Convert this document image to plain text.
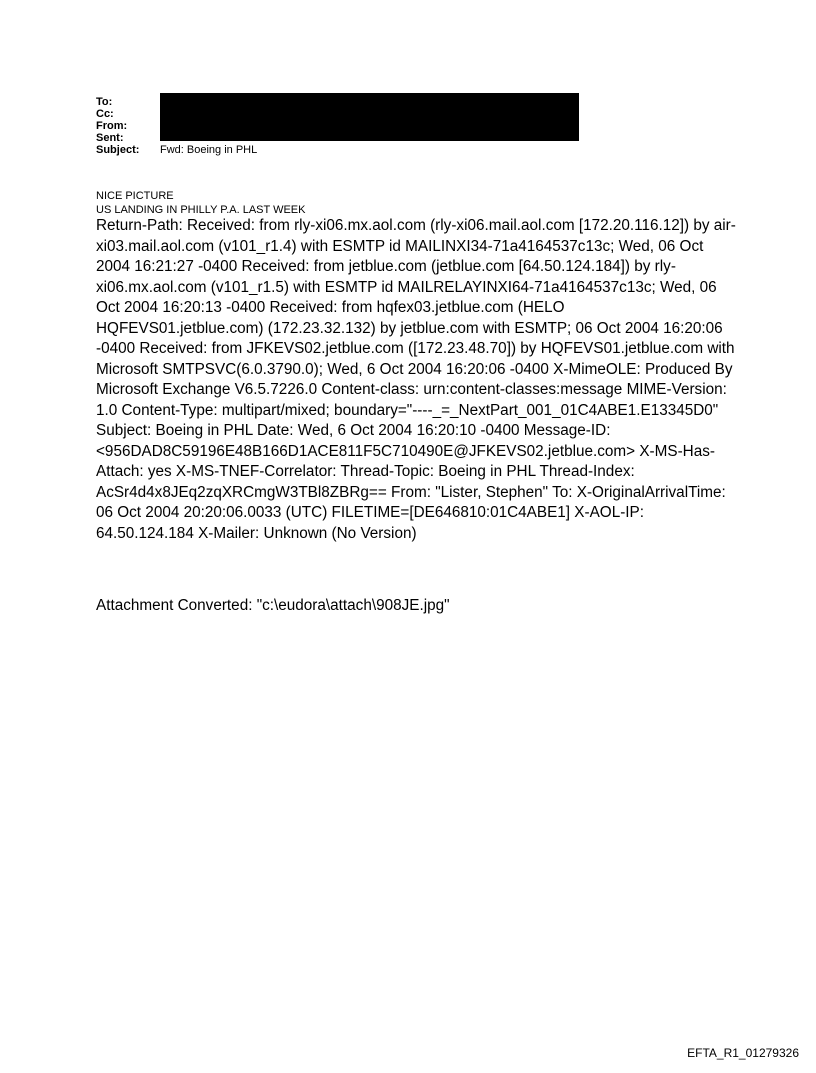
To:
Cc:
From:
Sent:
Subject:	Fwd: Boeing in PHL
NICE PICTURE
US LANDING IN PHILLY P.A. LAST WEEK
Return-Path: Received: from rly-xi06.mx.aol.com (rly-xi06.mail.aol.com [172.20.116.12]) by air-xi03.mail.aol.com (v101_r1.4) with ESMTP id MAILINXI34-71a4164537c13c; Wed, 06 Oct 2004 16:21:27 -0400 Received: from jetblue.com (jetblue.com [64.50.124.184]) by rly-xi06.mx.aol.com (v101_r1.5) with ESMTP id MAILRELAYINXI64-71a4164537c13c; Wed, 06 Oct 2004 16:20:13 -0400 Received: from hqfex03.jetblue.com (HELO HQFEVS01.jetblue.com) (172.23.32.132) by jetblue.com with ESMTP; 06 Oct 2004 16:20:06 -0400 Received: from JFKEVS02.jetblue.com ([172.23.48.70]) by HQFEVS01.jetblue.com with Microsoft SMTPSVC(6.0.3790.0); Wed, 6 Oct 2004 16:20:06 -0400 X-MimeOLE: Produced By Microsoft Exchange V6.5.7226.0 Content-class: urn:content-classes:message MIME-Version: 1.0 Content-Type: multipart/mixed; boundary="----_=_NextPart_001_01C4ABE1.E13345D0" Subject: Boeing in PHL Date: Wed, 6 Oct 2004 16:20:10 -0400 Message-ID: <956DAD8C59196E48B166D1ACE811F5C710490E@JFKEVS02.jetblue.com> X-MS-Has-Attach: yes X-MS-TNEF-Correlator: Thread-Topic: Boeing in PHL Thread-Index: AcSr4d4x8JEq2zqXRCmgW3TBl8ZBRg== From: "Lister, Stephen" To: X-OriginalArrivalTime: 06 Oct 2004 20:20:06.0033 (UTC) FILETIME=[DE646810:01C4ABE1] X-AOL-IP: 64.50.124.184 X-Mailer: Unknown (No Version)
Attachment Converted: "c:\eudora\attach\908JE.jpg"
EFTA_R1_01279326
